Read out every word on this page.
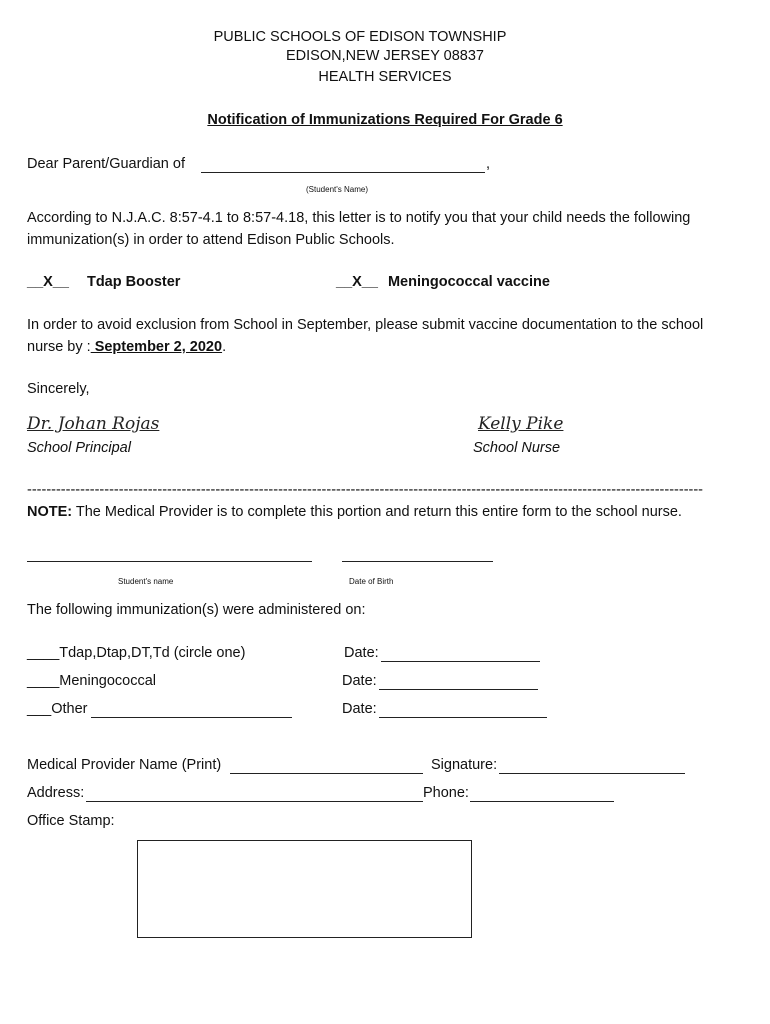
PUBLIC SCHOOLS OF EDISON TOWNSHIP
EDISON,NEW JERSEY 08837
HEALTH SERVICES
Notification of Immunizations Required For Grade 6
Dear Parent/Guardian of	,
(Student's Name)
According to N.J.A.C. 8:57-4.1 to 8:57-4.18, this letter is to notify you that your child needs the following
immunization(s) in order to attend Edison Public Schools.
__X__ Tdap Booster	__X__ Meningococcal vaccine
In order to avoid exclusion from School in September, please submit vaccine documentation to the school
nurse by : September 2, 2020.
Sincerely,
Dr. Johan Rojas
School Principal
Kelly Pike
School Nurse
--------------------------------------------------------------------------------------------------------------------------------------------
NOTE: The Medical Provider is to complete this portion and return this entire form to the school nurse.
Student's name	Date of Birth
The following immunization(s) were administered on:
____Tdap,Dtap,DT,Td (circle one)	Date:
____Meningococcal	Date:
___Other	Date:
Medical Provider Name (Print)	Signature:
Address:	Phone:
Office Stamp:
